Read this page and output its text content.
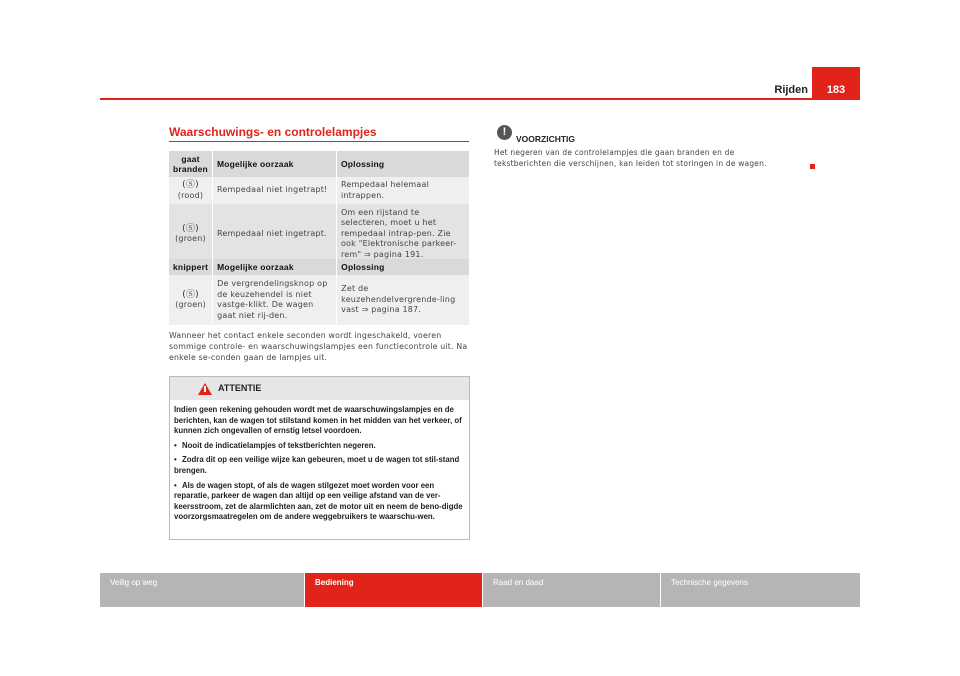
Rijden	183
Waarschuwings- en controlelampjes
gaat branden	Mogelijke oorzaak	Oplossing
(Ⓢ) (rood)	Rempedaal niet ingetrapt!	Rempedaal helemaal intrappen.
(Ⓢ)
(groen)	Rempedaal niet ingetrapt.	Om een rijstand te selecteren, moet u het rempedaal intrap-pen. Zie ook "Elektronische parkeer-rem" ⇒ pagina 191.
knippert	Mogelijke oorzaak	Oplossing
(Ⓢ)
(groen)	De vergrendelingsknop op de keuzehendel is niet vastge-klikt. De wagen gaat niet rij-den.	Zet de keuzehendelvergrende-ling vast ⇒ pagina 187.
Wanneer het contact enkele seconden wordt ingeschakeld, voeren sommige controle- en waarschuwingslampjes een functiecontrole uit. Na enkele se-conden gaan de lampjes uit.
ATTENTIE

Indien geen rekening gehouden wordt met de waarschuwingslampjes en de berichten, kan de wagen tot stilstand komen in het midden van het verkeer, of kunnen zich ongevallen of ernstig letsel voordoen.

• Nooit de indicatielampjes of tekstberichten negeren.

• Zodra dit op een veilige wijze kan gebeuren, moet u de wagen tot stil-stand brengen.

• Als de wagen stopt, of als de wagen stilgezet moet worden voor een reparatie, parkeer de wagen dan altijd op een veilige afstand van de ver-keersstroom, zet de alarmlichten aan, zet de motor uit en neem de beno-digde voorzorgsmaatregelen om de andere weggebruikers te waarschu-wen.

!
VOORZICHTIG
Het negeren van de controlelampjes die gaan branden en de tekstberichten die verschijnen, kan leiden tot storingen in de wagen.
Veilig op weg	Bediening	Raad en daad	Technische gegevens
